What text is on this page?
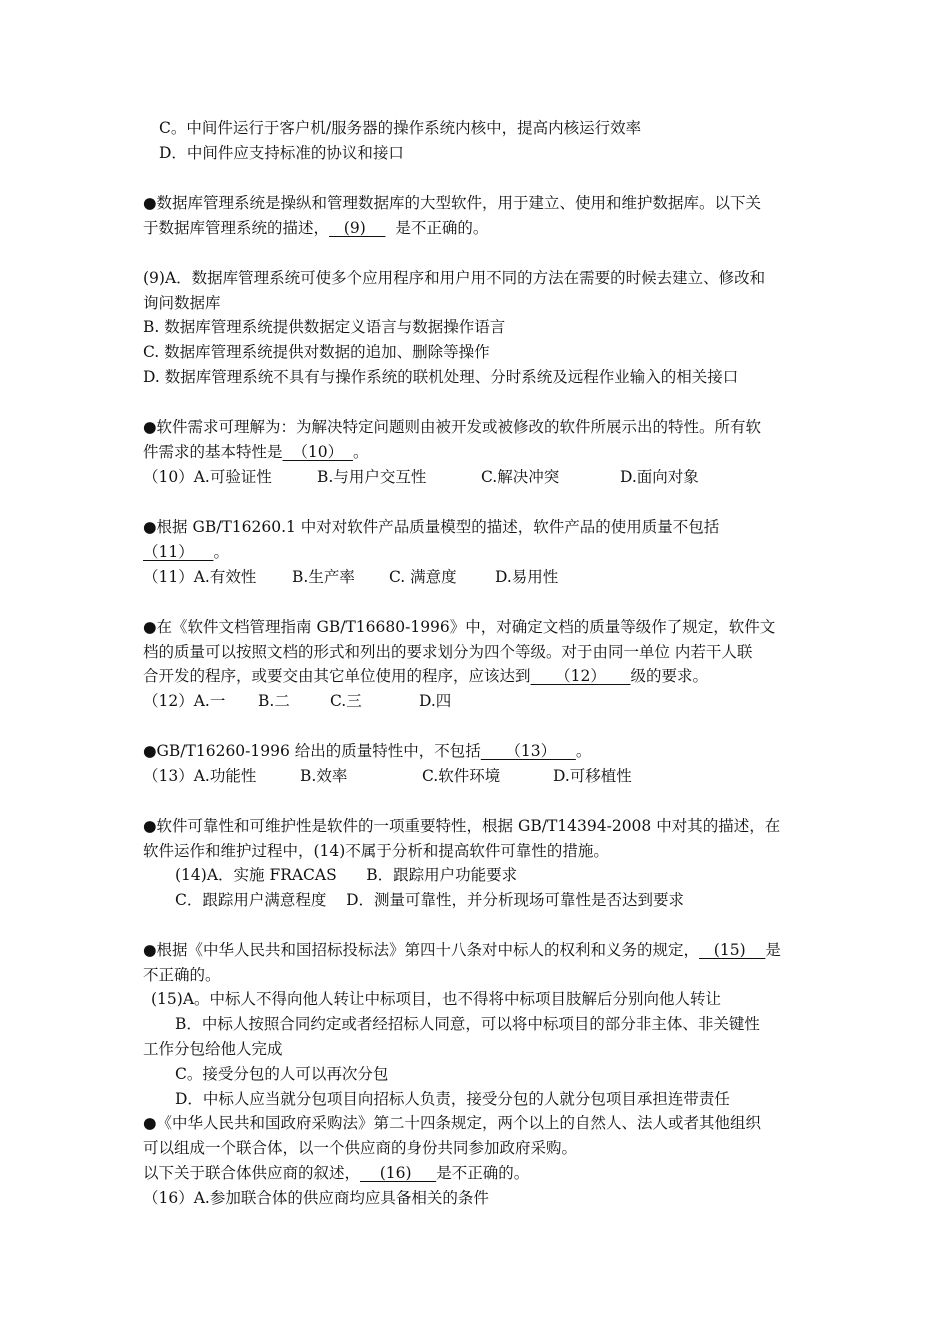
C。中间件运行于客户机/服务器的操作系统内核中，提高内核运行效率
D．中间件应支持标准的协议和接口
●数据库管理系统是操纵和管理数据库的大型软件，用于建立、使用和维护数据库。以下关
于数据库管理系统的描述，   (9)      是不正确的。
(9)A．数据库管理系统可使多个应用程序和用户用不同的方法在需要的时候去建立、修改和
询问数据库
B. 数据库管理系统提供数据定义语言与数据操作语言
C. 数据库管理系统提供对数据的追加、删除等操作
D. 数据库管理系统不具有与操作系统的联机处理、分时系统及远程作业输入的相关接口
●软件需求可理解为：为解决特定问题则由被开发或被修改的软件所展示出的特性。所有软
件需求的基本特性是  （10）  。
（10）A.可验证性	B.与用户交互性	C.解决冲突	D.面向对象
●根据 GB/T16260.1 中对对软件产品质量模型的描述，软件产品的使用质量不包括
（11）    。
（11）A.有效性 B.生产率 C. 满意度 D.易用性
●在《软件文档管理指南 GB/T16680-1996》中，对确定文档的质量等级作了规定，软件文
档的质量可以按照文档的形式和列出的要求划分为四个等级。对于由同一单位 内若干人联
合开发的程序，或要交由其它单位使用的程序，应该达到     （12）     级的要求。
（12）A.一 B.二	C.三	D.四
●GB/T16260-1996 给出的质量特性中，不包括     （13）    。
（13）A.功能性	B.效率	C.软件环境	D.可移植性
●软件可靠性和可维护性是软件的一项重要特性，根据 GB/T14394-2008 中对其的描述，在
软件运作和维护过程中，(14)不属于分析和提高软件可靠性的措施。
(14)A．实施 FRACAS      B．跟踪用户功能要求
C．跟踪用户满意程度    D．测量可靠性，并分析现场可靠性是否达到要求
●根据《中华人民共和国招标投标法》第四十八条对中标人的权利和义务的规定，   (15)    是
不正确的。
(15)A。中标人不得向他人转让中标项目，也不得将中标项目肢解后分别向他人转让
B．中标人按照合同约定或者经招标人同意，可以将中标项目的部分非主体、非关键性
工作分包给他人完成
C。接受分包的人可以再次分包
D．中标人应当就分包项目向招标人负责，接受分包的人就分包项目承担连带责任
●《中华人民共和国政府采购法》第二十四条规定，两个以上的自然人、法人或者其他组织
可以组成一个联合体，以一个供应商的身份共同参加政府采购。
以下关于联合体供应商的叙述，    (16)     是不正确的。
（16）A.参加联合体的供应商均应具备相关的条件
